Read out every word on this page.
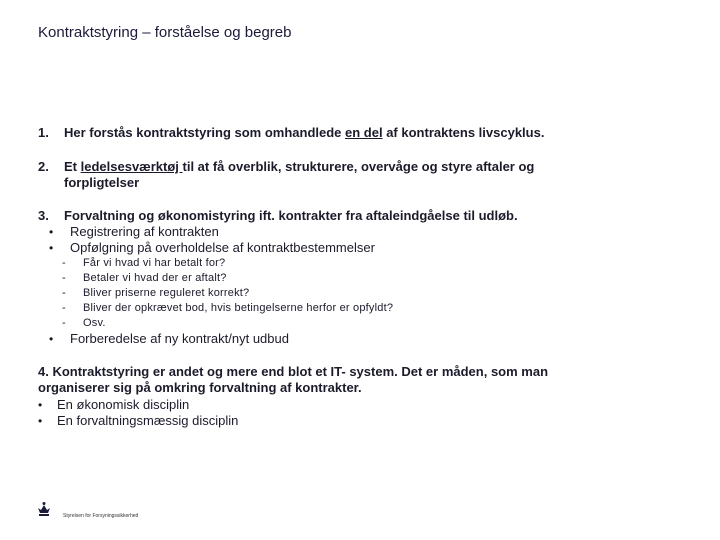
Kontraktstyring – forståelse og begreb
1. Her forstås kontraktstyring som omhandlede en del af kontraktens livscyklus.
2. Et ledelsesværktøj til at få overblik, strukturere, overvåge og styre aftaler og
forpligtelser
3. Forvaltning og økonomistyring ift. kontrakter fra aftaleindgåelse til udløb.
• Registrering af kontrakten
• Opfølgning på overholdelse af kontraktbestemmelser
- Får vi hvad vi har betalt for?
- Betaler vi hvad der er aftalt?
- Bliver priserne reguleret korrekt?
- Bliver der opkrævet bod, hvis betingelserne herfor er opfyldt?
- Osv.
• Forberedelse af ny kontrakt/nyt udbud
4. Kontraktstyring er andet og mere end blot et IT- system. Det er måden, som man
organiserer sig på omkring forvaltning af kontrakter.
• En økonomisk disciplin
• En forvaltningsmæssig disciplin
Styrelsen for Forsyningssikkerhed
